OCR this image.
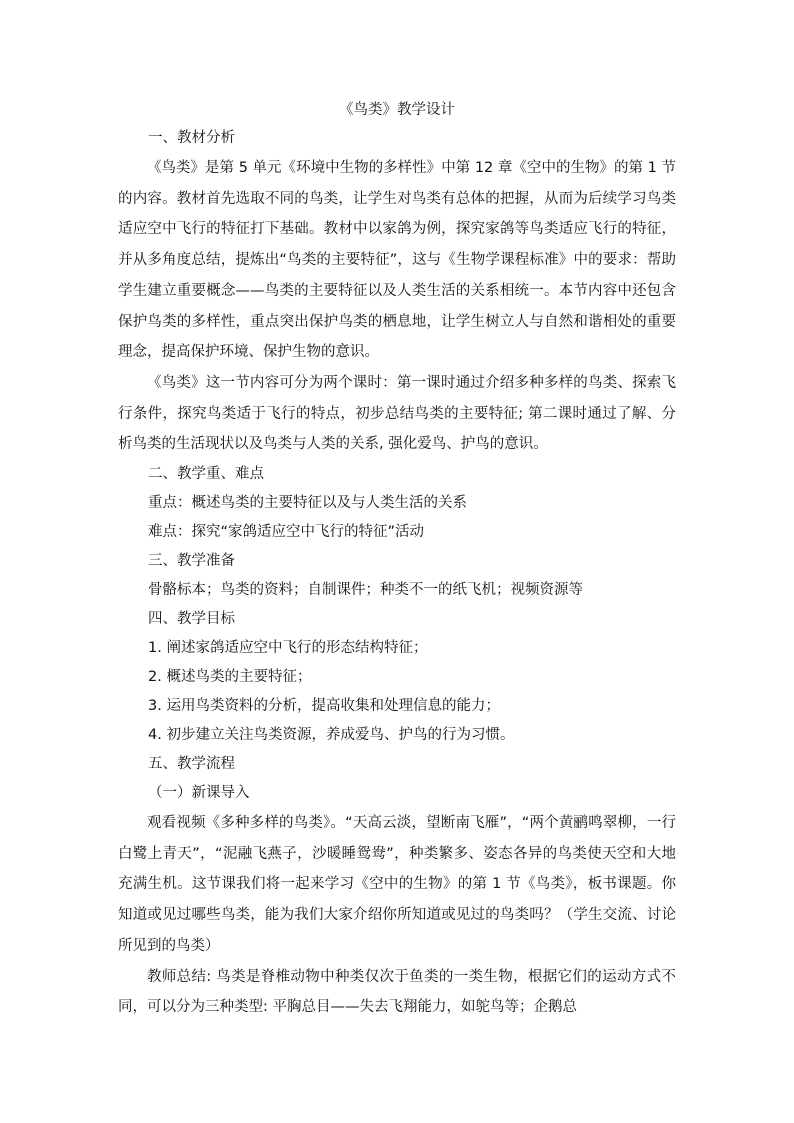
《鸟类》教学设计
一、教材分析

《鸟类》是第 5 单元《环境中生物的多样性》中第 12 章《空中的生物》的第 1 节的内容。教材首先选取不同的鸟类，让学生对鸟类有总体的把握，从而为后续学习鸟类适应空中飞行的特征打下基础。教材中以家鸽为例，探究家鸽等鸟类适应飞行的特征，并从多角度总结，提炼出“鸟类的主要特征”，这与《生物学课程标准》中的要求：帮助学生建立重要概念——鸟类的主要特征以及人类生活的关系相统一。本节内容中还包含保护鸟类的多样性，重点突出保护鸟类的栖息地，让学生树立人与自然和谐相处的重要理念，提高保护环境、保护生物的意识。

《鸟类》这一节内容可分为两个课时：第一课时通过介绍多种多样的鸟类、探索飞行条件，探究鸟类适于飞行的特点，初步总结鸟类的主要特征; 第二课时通过了解、分析鸟类的生活现状以及鸟类与人类的关系, 强化爱鸟、护鸟的意识。

二、教学重、难点

重点：概述鸟类的主要特征以及与人类生活的关系

难点：探究“家鸽适应空中飞行的特征”活动

三、教学准备

骨骼标本；鸟类的资料；自制课件；种类不一的纸飞机；视频资源等

四、教学目标

1. 阐述家鸽适应空中飞行的形态结构特征；

2. 概述鸟类的主要特征；

3. 运用鸟类资料的分析，提高收集和处理信息的能力；

4. 初步建立关注鸟类资源，养成爱鸟、护鸟的行为习惯。

五、教学流程
（一）新课导入

观看视频《多种多样的鸟类》。“天高云淡，望断南飞雁”，“两个黄鹂鸣翠柳，一行白鹭上青天”，“泥融飞燕子，沙暖睡鸳鸯”，种类繁多、姿态各异的鸟类使天空和大地充满生机。这节课我们将一起来学习《空中的生物》的第 1 节《鸟类》，板书课题。你知道或见过哪些鸟类，能为我们大家介绍你所知道或见过的鸟类吗？（学生交流、讨论所见到的鸟类）

教师总结: 鸟类是脊椎动物中种类仅次于鱼类的一类生物，根据它们的运动方式不同，可以分为三种类型: 平胸总目——失去飞翔能力，如鸵鸟等；企鹅总
